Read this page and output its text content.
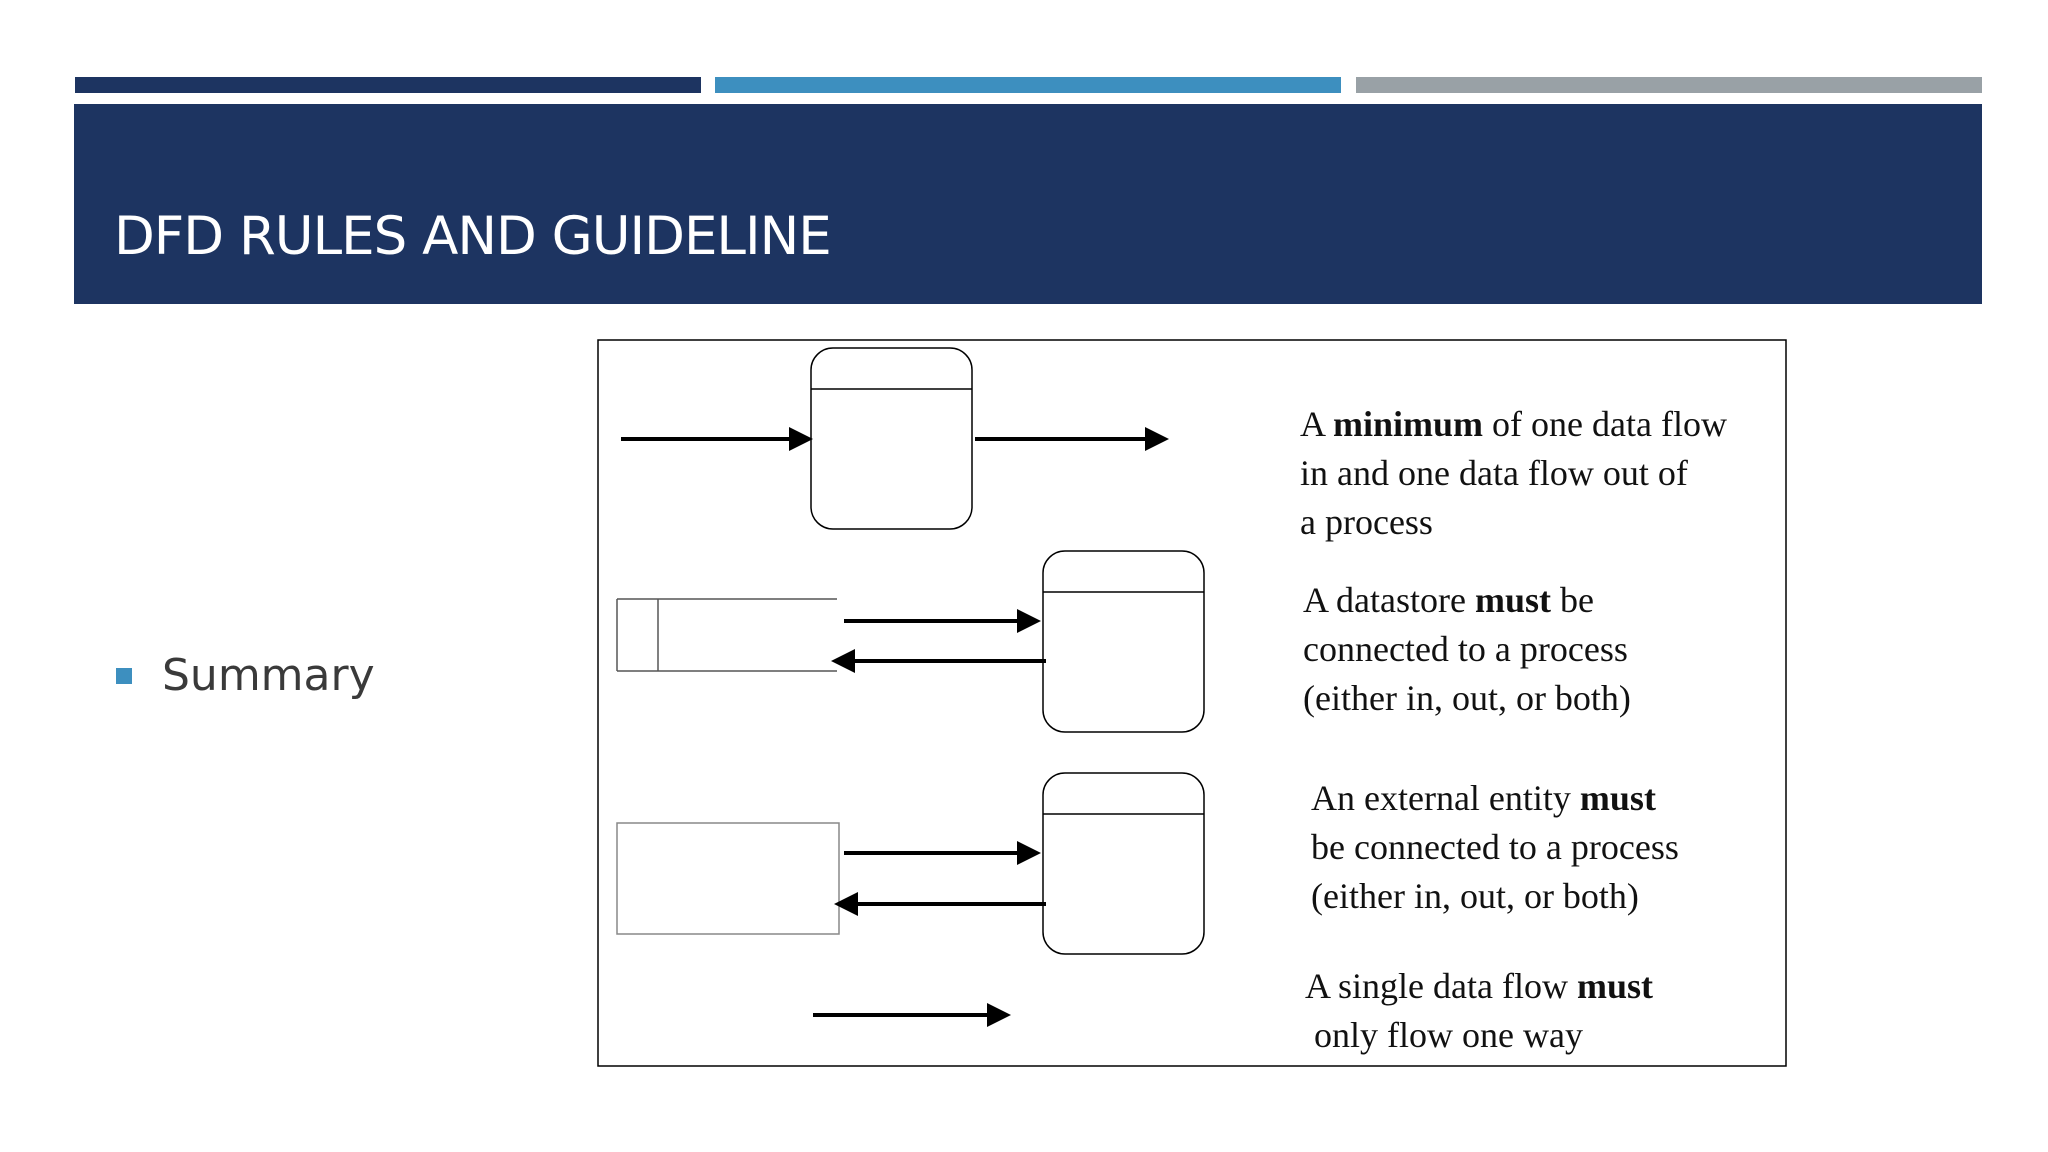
DFD RULES AND GUIDELINE
Summary
A minimum of one data flow
in and one data flow out of
a process
A datastore must be
connected to a process
(either in, out, or both)
An external entity must
be connected to a process
(either in, out, or both)
A single data flow must
only flow one way
